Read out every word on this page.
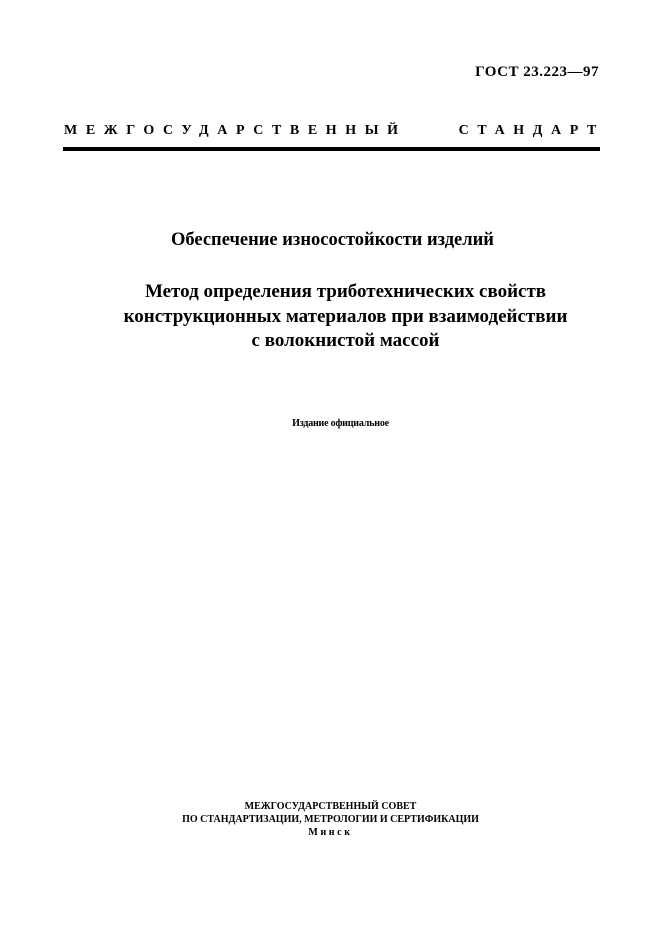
ГОСТ 23.223—97
МЕЖГОСУДАРСТВЕННЫЙ	СТАНДАРТ
Обеспечение износостойкости изделий
Метод определения триботехнических свойств
конструкционных материалов при взаимодействии
с волокнистой массой
Издание официальное
МЕЖГОСУДАРСТВЕННЫЙ СОВЕТ
ПО СТАНДАРТИЗАЦИИ, МЕТРОЛОГИИ И СЕРТИФИКАЦИИ
Минск
